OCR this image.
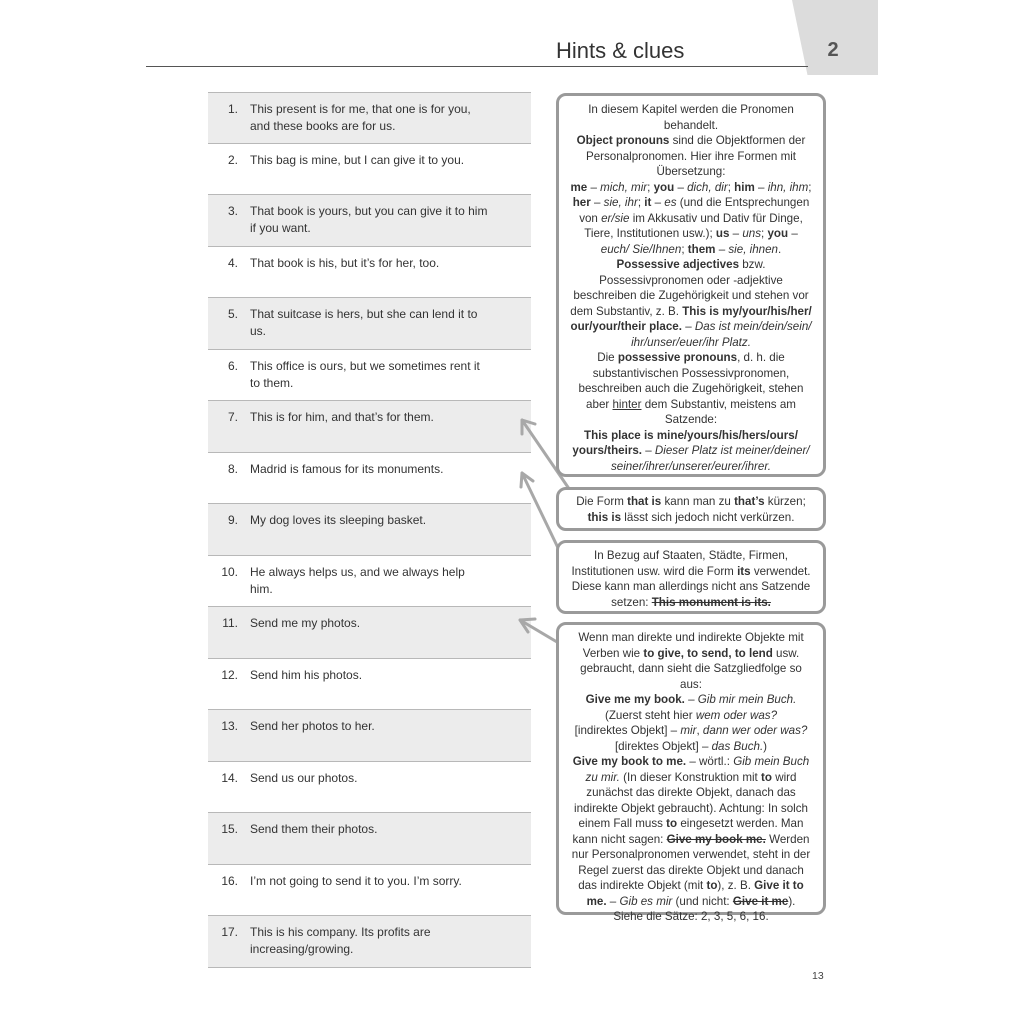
2
Hints & clues
1. This present is for me, that one is for you, and these books are for us.
2. This bag is mine, but I can give it to you.
3. That book is yours, but you can give it to him if you want.
4. That book is his, but it’s for her, too.
5. That suitcase is hers, but she can lend it to us.
6. This office is ours, but we sometimes rent it to them.
7. This is for him, and that’s for them.
8. Madrid is famous for its monuments.
9. My dog loves its sleeping basket.
10. He always helps us, and we always help him.
11. Send me my photos.
12. Send him his photos.
13. Send her photos to her.
14. Send us our photos.
15. Send them their photos.
16. I’m not going to send it to you. I’m sorry.
17. This is his company. Its profits are increasing/growing.
In diesem Kapitel werden die Pronomen behandelt.
Object pronouns sind die Objektformen der Personalpronomen. Hier ihre Formen mit Übersetzung:
me – mich, mir; you – dich, dir; him – ihn, ihm; her – sie, ihr; it – es (und die Entsprechungen von er/sie im Akkusativ und Dativ für Dinge, Tiere, Institutionen usw.); us – uns; you – euch/ Sie/Ihnen; them – sie, ihnen.
Possessive adjectives bzw. Possessivpronomen oder -adjektive beschreiben die Zugehörigkeit und stehen vor dem Substantiv, z. B. This is my/your/his/her/ our/your/their place. – Das ist mein/dein/sein/ ihr/unser/euer/ihr Platz.
Die possessive pronouns, d. h. die substantivischen Possessivpronomen, beschreiben auch die Zugehörigkeit, stehen aber hinter dem Substantiv, meistens am Satzende:
This place is mine/yours/his/hers/ours/ yours/theirs. – Dieser Platz ist meiner/deiner/ seiner/ihrer/unserer/eurer/ihrer.
Die Form that is kann man zu that’s kürzen; this is lässt sich jedoch nicht verkürzen.
In Bezug auf Staaten, Städte, Firmen, Institutionen usw. wird die Form its verwendet. Diese kann man allerdings nicht ans Satzende setzen: This monument is its.
Wenn man direkte und indirekte Objekte mit Verben wie to give, to send, to lend usw. gebraucht, dann sieht die Satzgliedfolge so aus:
Give me my book. – Gib mir mein Buch.
(Zuerst steht hier wem oder was?
[indirektes Objekt] – mir, dann wer oder was?
[direktes Objekt] – das Buch.)
Give my book to me. – wörtl.: Gib mein Buch zu mir. (In dieser Konstruktion mit to wird zunächst das direkte Objekt, danach das indirekte Objekt gebraucht). Achtung: In solch einem Fall muss to eingesetzt werden. Man kann nicht sagen: Give my book me. Werden nur Personalpronomen verwendet, steht in der Regel zuerst das direkte Objekt und danach das indirekte Objekt (mit to), z. B. Give it to me. – Gib es mir (und nicht: Give it me).
Siehe die Sätze: 2, 3, 5, 6, 16.
13
